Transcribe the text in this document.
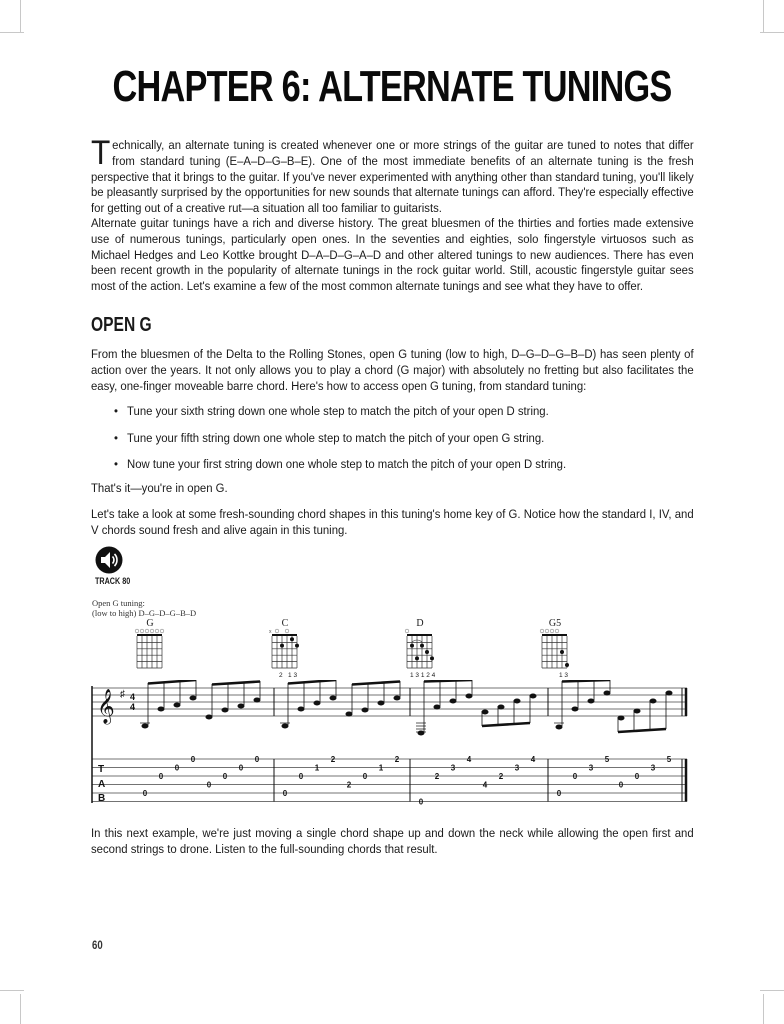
CHAPTER 6: ALTERNATE TUNINGS
Technically, an alternate tuning is created whenever one or more strings of the guitar are tuned to notes that differ from standard tuning (E–A–D–G–B–E). One of the most immediate benefits of an alternate tuning is the fresh perspective that it brings to the guitar. If you've never experimented with anything other than standard tuning, you'll likely be pleasantly surprised by the opportunities for new sounds that alternate tunings can afford. They're especially effective for getting out of a creative rut—a situation all too familiar to guitarists.
Alternate guitar tunings have a rich and diverse history. The great bluesmen of the thirties and forties made extensive use of numerous tunings, particularly open ones. In the seventies and eighties, solo fingerstyle virtuosos such as Michael Hedges and Leo Kottke brought D–A–D–G–A–D and other altered tunings to new audiences. There has even been recent growth in the popularity of alternate tunings in the rock guitar world. Still, acoustic fingerstyle guitar sees most of the action. Let's examine a few of the most common alternate tunings and see what they have to offer.
OPEN G
From the bluesmen of the Delta to the Rolling Stones, open G tuning (low to high, D–G–D–G–B–D) has seen plenty of action over the years. It not only allows you to play a chord (G major) with absolutely no fretting but also facilitates the easy, one-finger moveable barre chord. Here's how to access open G tuning, from standard tuning:
• Tune your sixth string down one whole step to match the pitch of your open D string.
• Tune your fifth string down one whole step to match the pitch of your open G string.
• Now tune your first string down one whole step to match the pitch of your open D string.
That's it—you're in open G.
Let's take a look at some fresh-sounding chord shapes in this tuning's home key of G. Notice how the standard I, IV, and V chords sound fresh and alive again in this tuning.
TRACK 80
Open G tuning:
(low to high) D–G–D–G–B–D
G	C
x
2   1 3
D
1 3 1 2 4
G5
1 3
𝄞 ♯ 4
4
T
A
B	0
0
0
0
0
0
0
0
0
0
1
2
2
0
1
2
0
2
3
4
4
2
3
4
0
0
3
5
0
0
3
5
In this next example, we're just moving a single chord shape up and down the neck while allowing the open first and second strings to drone. Listen to the full-sounding chords that result.
60
